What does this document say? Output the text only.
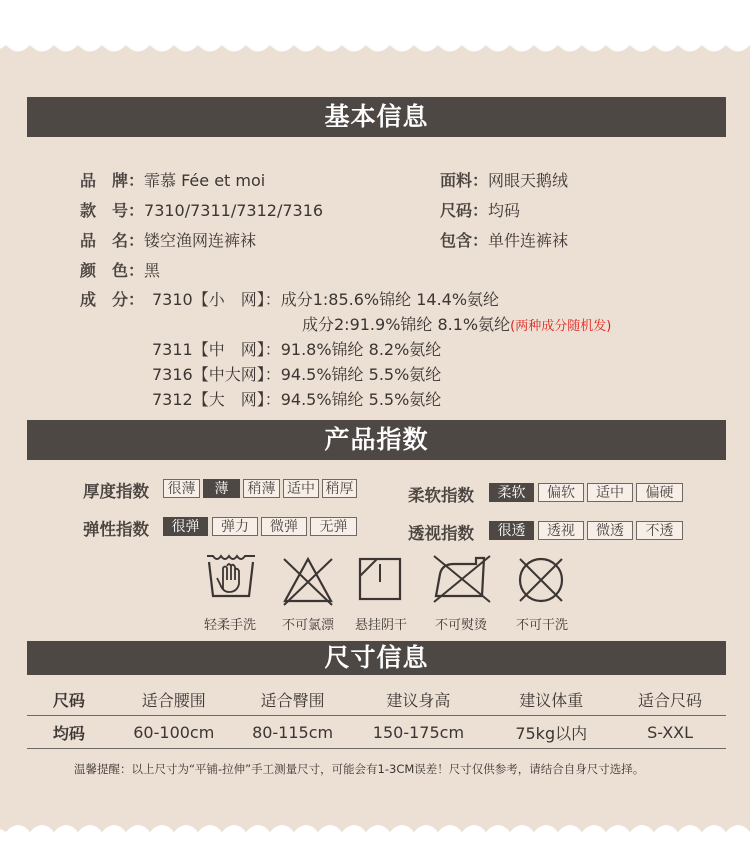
基本信息
品　牌：霏慕 Fée et moi
款　号：7310/7311/7312/7316
品　名：镂空渔网连裤袜
颜　色：黑
面料：网眼天鹅绒
尺码：均码
包含：单件连裤袜
成　分： 7310【小　网】：成分1:85.6%锦纶 14.4%氨纶
成分2:91.9%锦纶 8.1%氨纶(两种成分随机发)
7311【中　网】：91.8%锦纶 8.2%氨纶
7316【中大网】：94.5%锦纶 5.5%氨纶
7312【大　网】：94.5%锦纶 5.5%氨纶
产品指数
厚度指数	很薄	薄	稍薄 适中 稍厚	柔软指数	柔软	偏软	适中	偏硬
弹性指数	很弹	弹力	微弹	无弹	透视指数	很透	透视	微透	不透
轻柔手洗	不可氯漂	悬挂阴干	不可熨烫	不可干洗
尺寸信息
尺码	适合腰围	适合臀围	建议身高	建议体重	适合尺码
均码	60-100cm	80-115cm	150-175cm	75kg以内	S-XXL
温馨提醒：以上尺寸为“平铺-拉伸”手工测量尺寸，可能会有1-3CM误差！尺寸仅供参考，请结合自身尺寸选择。
